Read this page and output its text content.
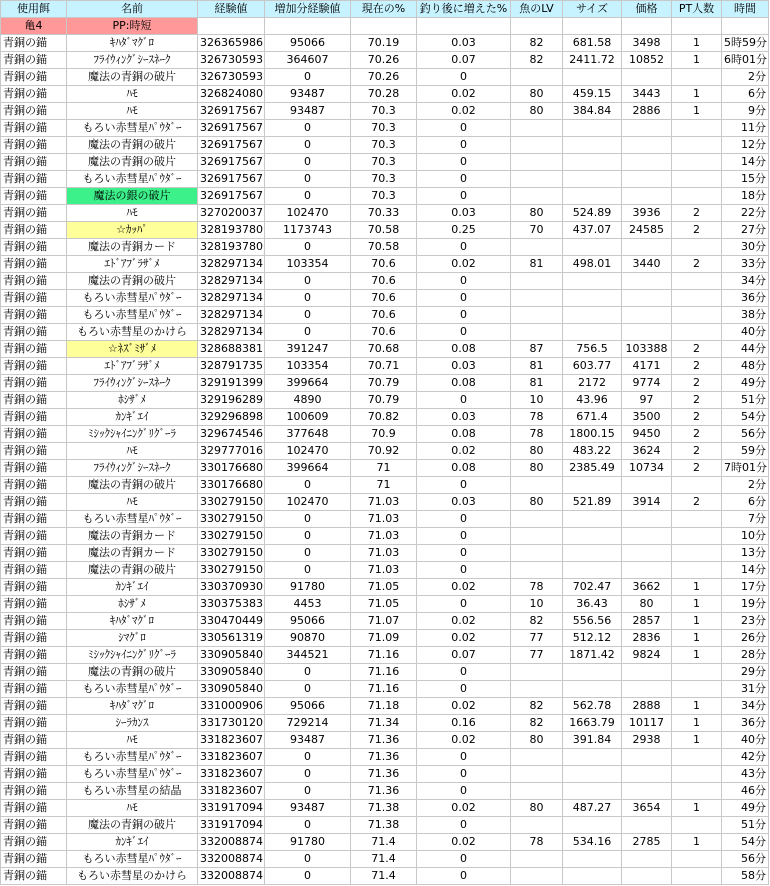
使用餌	名前	経験値	増加分経験値	現在の%	釣り後に増えた%	魚のLV	サイズ	価格	PT人数	時間
亀4	PP:時短									
青銅の錨	ｷﾊﾀﾞﾏｸﾞﾛ	326365986	95066	70.19	0.03	82	681.58	3498	1	5時59分
青銅の錨	ﾌﾗｲｳｨﾝｸﾞｼｰｽﾈｰｸ	326730593	364607	70.26	0.07	82	2411.72	10852	1	6時01分
青銅の錨	魔法の青銅の破片	326730593	0	70.26	0					2分
青銅の錨	ﾊﾓ	326824080	93487	70.28	0.02	80	459.15	3443	1	6分
青銅の錨	ﾊﾓ	326917567	93487	70.3	0.02	80	384.84	2886	1	9分
青銅の錨	もろい赤彗星ﾊﾟｳﾀﾞｰ	326917567	0	70.3	0					11分
青銅の錨	魔法の青銅の破片	326917567	0	70.3	0					12分
青銅の錨	魔法の青銅の破片	326917567	0	70.3	0					14分
青銅の錨	もろい赤彗星ﾊﾟｳﾀﾞｰ	326917567	0	70.3	0					15分
青銅の錨	魔法の銀の破片	326917567	0	70.3	0					18分
青銅の錨	ﾊﾓ	327020037	102470	70.33	0.03	80	524.89	3936	2	22分
青銅の錨	☆ｶｯﾊﾟ	328193780	1173743	70.58	0.25	70	437.07	24585	2	27分
青銅の錨	魔法の青銅カード	328193780	0	70.58	0					30分
青銅の錨	ｴﾄﾞｱﾌﾞﾗｻﾞﾒ	328297134	103354	70.6	0.02	81	498.01	3440	2	33分
青銅の錨	魔法の青銅の破片	328297134	0	70.6	0					34分
青銅の錨	もろい赤彗星ﾊﾟｳﾀﾞｰ	328297134	0	70.6	0					36分
青銅の錨	もろい赤彗星ﾊﾟｳﾀﾞｰ	328297134	0	70.6	0					38分
青銅の錨	もろい赤彗星のかけら	328297134	0	70.6	0					40分
青銅の錨	☆ﾈｽﾞﾐｻﾞﾒ	328688381	391247	70.68	0.08	87	756.5	103388	2	44分
青銅の錨	ｴﾄﾞｱﾌﾞﾗｻﾞﾒ	328791735	103354	70.71	0.03	81	603.77	4171	2	48分
青銅の錨	ﾌﾗｲｳｨﾝｸﾞｼｰｽﾈｰｸ	329191399	399664	70.79	0.08	81	2172	9774	2	49分
青銅の錨	ﾎｼｻﾞﾒ	329196289	4890	70.79	0	10	43.96	97	2	51分
青銅の錨	ｶﾝｷﾞｴｲ	329296898	100609	70.82	0.03	78	671.4	3500	2	54分
青銅の錨	ﾐｼｯｸｼｬｲﾆﾝｸﾞﾘｸﾞｰﾗ	329674546	377648	70.9	0.08	78	1800.15	9450	2	56分
青銅の錨	ﾊﾓ	329777016	102470	70.92	0.02	80	483.22	3624	2	59分
青銅の錨	ﾌﾗｲｳｨﾝｸﾞｼｰｽﾈｰｸ	330176680	399664	71	0.08	80	2385.49	10734	2	7時01分
青銅の錨	魔法の青銅の破片	330176680	0	71	0					2分
青銅の錨	ﾊﾓ	330279150	102470	71.03	0.03	80	521.89	3914	2	6分
青銅の錨	もろい赤彗星ﾊﾟｳﾀﾞｰ	330279150	0	71.03	0					7分
青銅の錨	魔法の青銅カード	330279150	0	71.03	0					10分
青銅の錨	魔法の青銅カード	330279150	0	71.03	0					13分
青銅の錨	魔法の青銅の破片	330279150	0	71.03	0					14分
青銅の錨	ｶﾝｷﾞｴｲ	330370930	91780	71.05	0.02	78	702.47	3662	1	17分
青銅の錨	ﾎｼｻﾞﾒ	330375383	4453	71.05	0	10	36.43	80	1	19分
青銅の錨	ｷﾊﾀﾞﾏｸﾞﾛ	330470449	95066	71.07	0.02	82	556.56	2857	1	23分
青銅の錨	ｼﾏｸﾞﾛ	330561319	90870	71.09	0.02	77	512.12	2836	1	26分
青銅の錨	ﾐｼｯｸｼｬｲﾆﾝｸﾞﾘｸﾞｰﾗ	330905840	344521	71.16	0.07	77	1871.42	9824	1	28分
青銅の錨	魔法の青銅の破片	330905840	0	71.16	0					29分
青銅の錨	もろい赤彗星ﾊﾟｳﾀﾞｰ	330905840	0	71.16	0					31分
青銅の錨	ｷﾊﾀﾞﾏｸﾞﾛ	331000906	95066	71.18	0.02	82	562.78	2888	1	34分
青銅の錨	ｼｰﾗｶﾝｽ	331730120	729214	71.34	0.16	82	1663.79	10117	1	36分
青銅の錨	ﾊﾓ	331823607	93487	71.36	0.02	80	391.84	2938	1	40分
青銅の錨	もろい赤彗星ﾊﾟｳﾀﾞｰ	331823607	0	71.36	0					42分
青銅の錨	もろい赤彗星ﾊﾟｳﾀﾞｰ	331823607	0	71.36	0					43分
青銅の錨	もろい赤彗星の結晶	331823607	0	71.36	0					46分
青銅の錨	ﾊﾓ	331917094	93487	71.38	0.02	80	487.27	3654	1	49分
青銅の錨	魔法の青銅の破片	331917094	0	71.38	0					51分
青銅の錨	ｶﾝｷﾞｴｲ	332008874	91780	71.4	0.02	78	534.16	2785	1	54分
青銅の錨	もろい赤彗星ﾊﾟｳﾀﾞｰ	332008874	0	71.4	0					56分
青銅の錨	もろい赤彗星のかけら	332008874	0	71.4	0					58分
